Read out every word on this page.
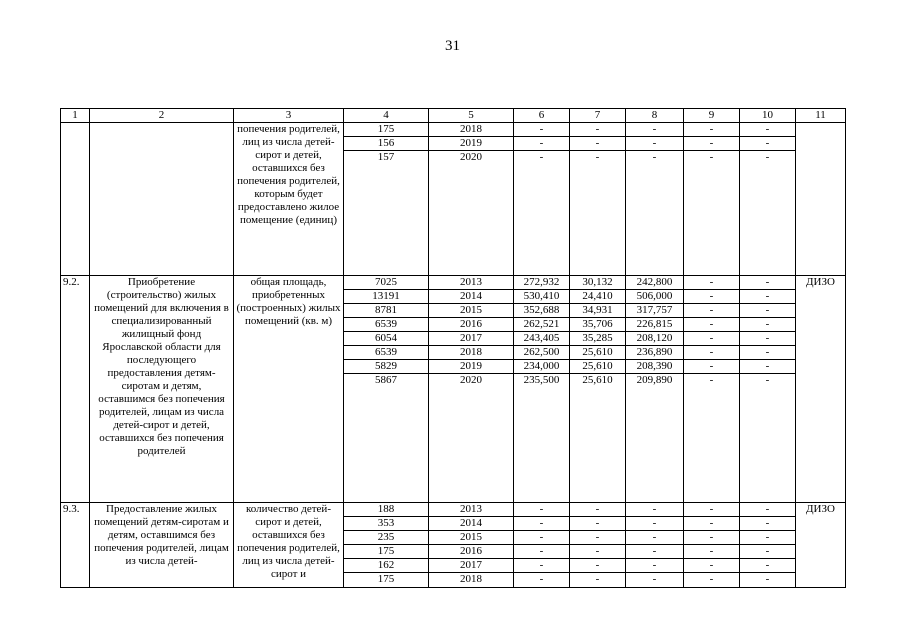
31
1	2	3	4	5	6	7	8	9	10	11
		попечения родителей, лиц из числа детей-сирот и детей, оставшихся без попечения родителей, которым будет предоставлено жилое помещение (единиц)	175	2018	-	-	-	-	-	
			156	2019	-	-	-	-	-	
			157	2020	-	-	-	-	-	
9.2.	Приобретение (строительство) жилых помещений для включения в специализированный жилищный фонд Ярославской области для последующего предоставления детям-сиротам и детям, оставшимся без попечения родителей, лицам из числа детей-сирот и детей, оставшихся без попечения родителей	общая площадь, приобретенных (построенных) жилых помещений (кв. м)	7025	2013	272,932	30,132	242,800	-	-	ДИЗО
			13191	2014	530,410	24,410	506,000	-	-	
			8781	2015	352,688	34,931	317,757	-	-	
			6539	2016	262,521	35,706	226,815	-	-	
			6054	2017	243,405	35,285	208,120	-	-	
			6539	2018	262,500	25,610	236,890	-	-	
			5829	2019	234,000	25,610	208,390	-	-	
			5867	2020	235,500	25,610	209,890	-	-	
9.3.	Предоставление жилых помещений детям-сиротам и детям, оставшимся без попечения родителей, лицам из числа детей-	количество детей-сирот и детей, оставшихся без попечения родителей, лиц из числа детей-сирот и	188	2013	-	-	-	-	-	ДИЗО
			353	2014	-	-	-	-	-	
			235	2015	-	-	-	-	-	
			175	2016	-	-	-	-	-	
			162	2017	-	-	-	-	-	
			175	2018	-	-	-	-	-	
